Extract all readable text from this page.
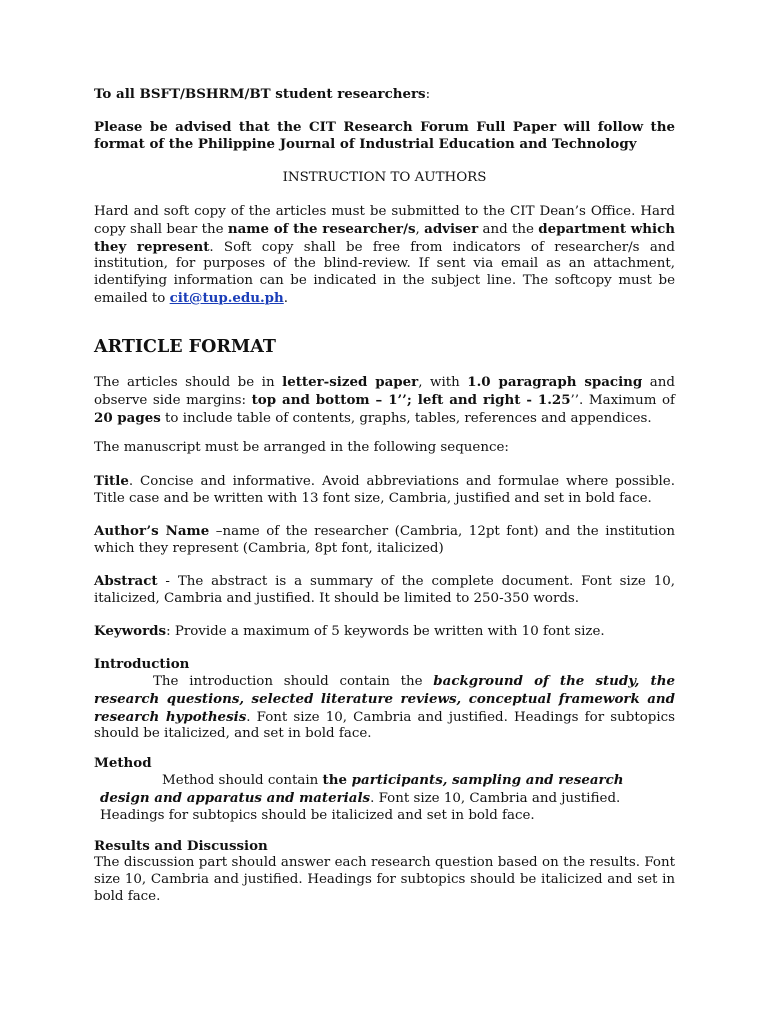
To all BSFT/BSHRM/BT student researchers:

Please be advised that the CIT Research Forum Full Paper will follow the format of the Philippine Journal of Industrial Education and Technology

INSTRUCTION TO AUTHORS

Hard and soft copy of the articles must be submitted to the CIT Dean’s Office. Hard copy shall bear the name of the researcher/s, adviser and the department which they represent. Soft copy shall be free from indicators of researcher/s and institution, for purposes of the blind-review. If sent via email as an attachment, identifying information can be indicated in the subject line. The softcopy must be emailed to cit@tup.edu.ph.

ARTICLE FORMAT

The articles should be in letter-sized paper, with 1.0 paragraph spacing and observe side margins: top and bottom – 1’’; left and right - 1.25’’. Maximum of 20 pages to include table of contents, graphs, tables, references and appendices.

The manuscript must be arranged in the following sequence:

Title. Concise and informative. Avoid abbreviations and formulae where possible. Title case and be written with 13 font size, Cambria, justified and set in bold face.

Author’s Name –name of the researcher (Cambria, 12pt font) and the institution which they represent (Cambria, 8pt font, italicized)

Abstract - The abstract is a summary of the complete document. Font size 10, italicized, Cambria and justified. It should be limited to 250-350 words.

Keywords: Provide a maximum of 5 keywords be written with 10 font size.

Introduction

The introduction should contain the background of the study, the research questions, selected literature reviews, conceptual framework and research hypothesis. Font size 10, Cambria and justified. Headings for subtopics should be italicized, and set in bold face.

Method

Method should contain the participants, sampling and research design and apparatus and materials. Font size 10, Cambria and justified. Headings for subtopics should be italicized and set in bold face.

Results and Discussion

The discussion part should answer each research question based on the results. Font size 10, Cambria and justified. Headings for subtopics should be italicized and set in bold face.
